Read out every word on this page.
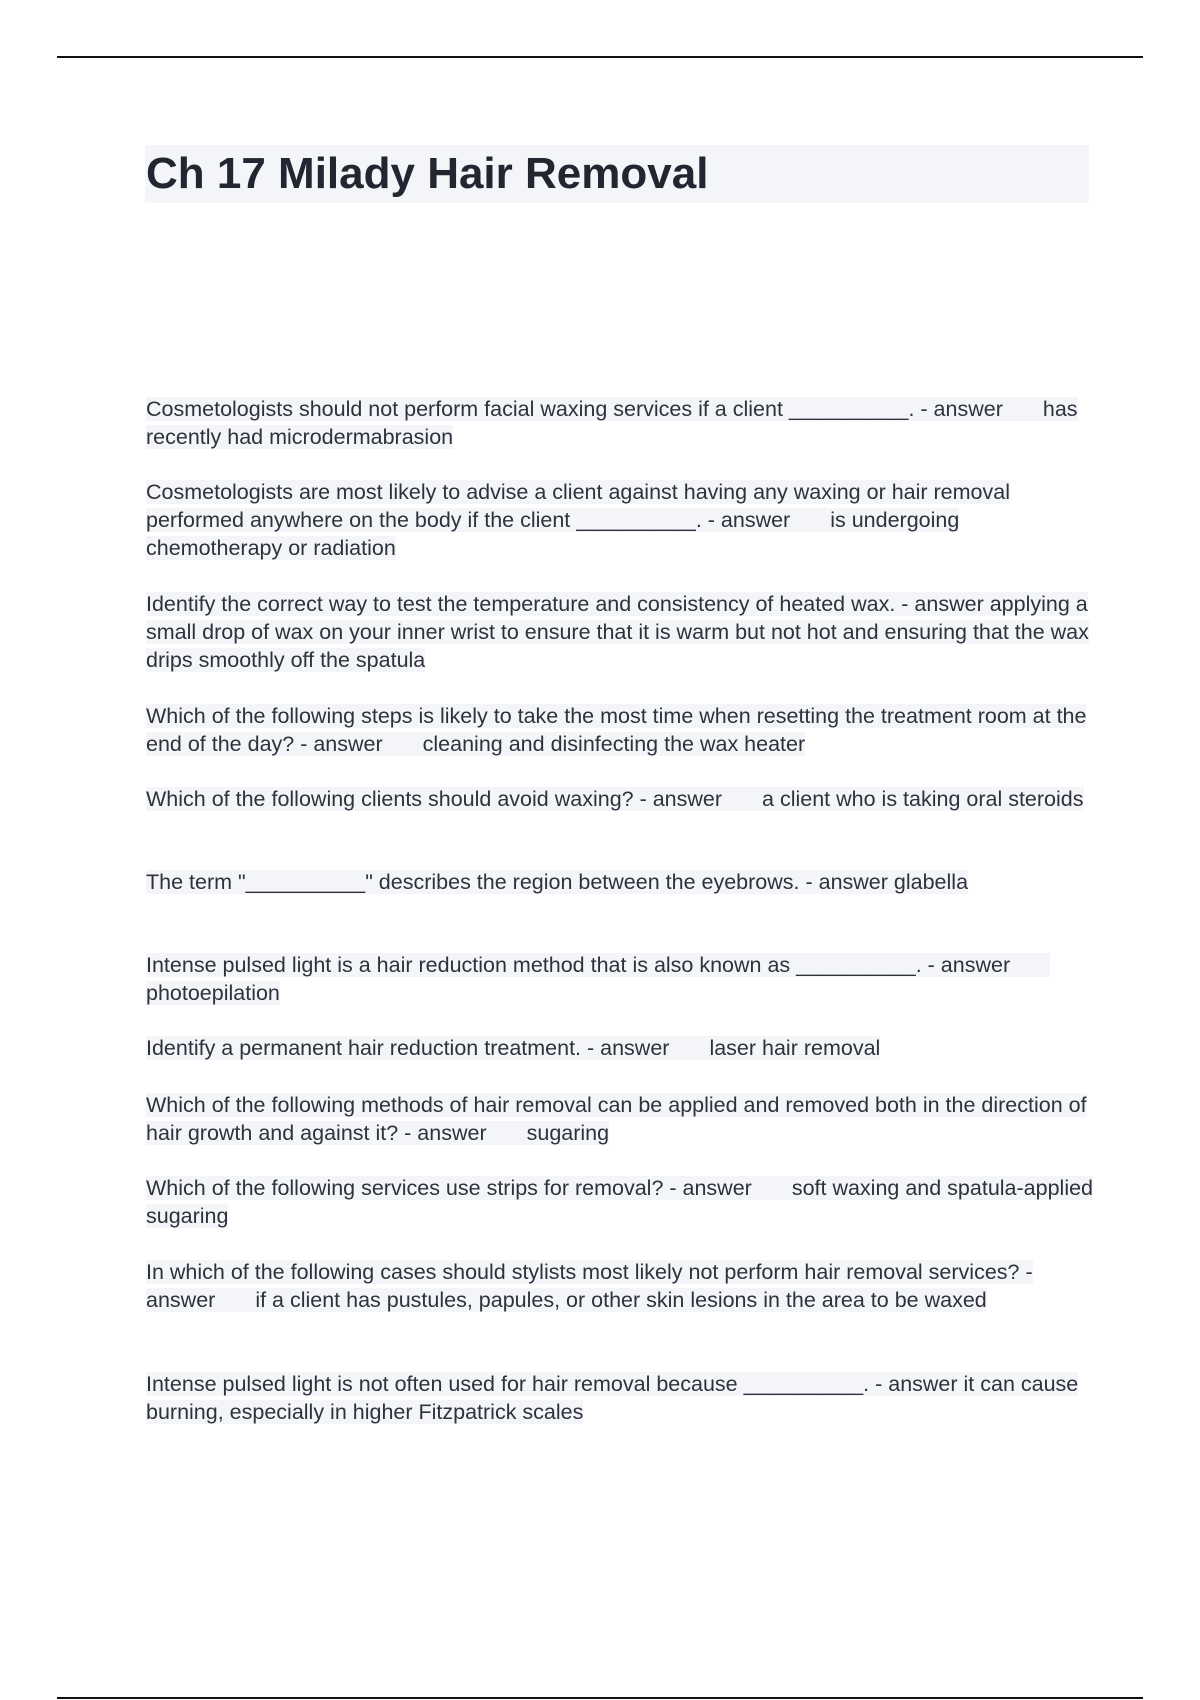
Ch 17 Milady Hair Removal
Cosmetologists should not perform facial waxing services if a client __________. - answer has recently had microdermabrasion
Cosmetologists are most likely to advise a client against having any waxing or hair removal performed anywhere on the body if the client __________. - answer is undergoing chemotherapy or radiation
Identify the correct way to test the temperature and consistency of heated wax. - answer applying a small drop of wax on your inner wrist to ensure that it is warm but not hot and ensuring that the wax drips smoothly off the spatula
Which of the following steps is likely to take the most time when resetting the treatment room at the end of the day? - answer cleaning and disinfecting the wax heater
Which of the following clients should avoid waxing? - answer a client who is taking oral steroids
The term "__________" describes the region between the eyebrows. - answer glabella
Intense pulsed light is a hair reduction method that is also known as __________. - answerphotoepilation
Identify a permanent hair reduction treatment. - answer laser hair removal
Which of the following methods of hair removal can be applied and removed both in the direction of hair growth and against it? - answer sugaring
Which of the following services use strips for removal? - answer soft waxing and spatula-applied sugaring
In which of the following cases should stylists most likely not perform hair removal services? - answer if a client has pustules, papules, or other skin lesions in the area to be waxed
Intense pulsed light is not often used for hair removal because __________. - answer it can cause burning, especially in higher Fitzpatrick scales
